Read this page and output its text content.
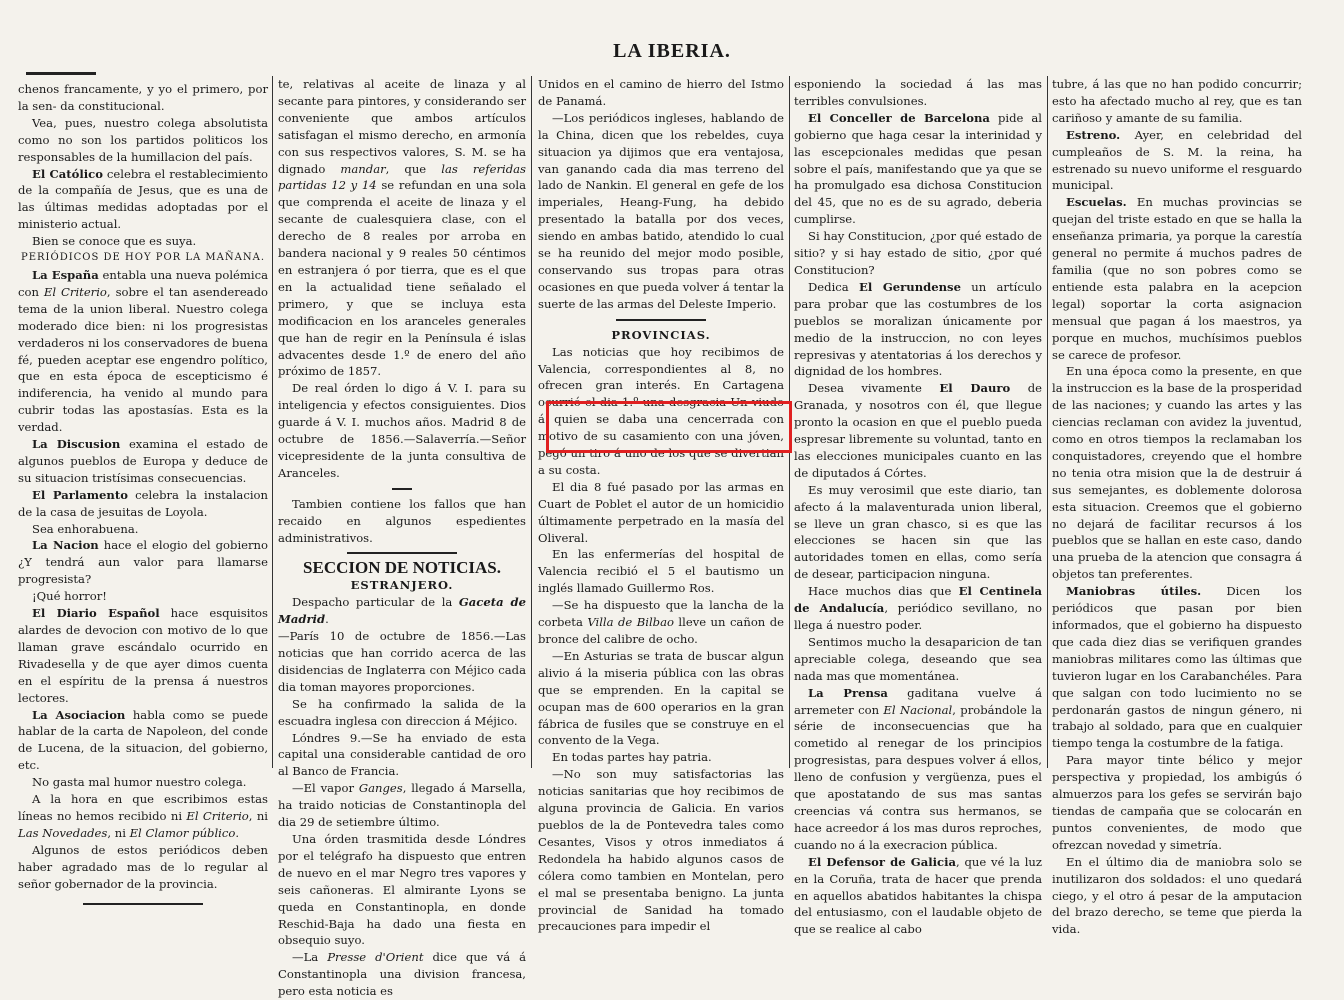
LA IBERIA.

chenos francamente, y yo el primero, por la sen- da constitucional.

Vea, pues, nuestro colega absolutista como no son los partidos politicos los responsables de la humillacion del país.

El Católico celebra el restablecimiento de la compañía de Jesus, que es una de las últimas medidas adoptadas por el ministerio actual.

Bien se conoce que es suya.

PERIÓDICOS DE HOY POR LA MAÑANA.

La España entabla una nueva polémica con El Criterio, sobre el tan asendereado tema de la union liberal. Nuestro colega moderado dice bien: ni los progresistas verdaderos ni los conservadores de buena fé, pueden aceptar ese engendro político, que en esta época de escepticismo é indiferencia, ha venido al mundo para cubrir todas las apostasías. Esta es la verdad.

La Discusion examina el estado de algunos pueblos de Europa y deduce de su situacion tristísimas consecuencias.

El Parlamento celebra la instalacion de la casa de jesuitas de Loyola.

Sea enhorabuena.

La Nacion hace el elogio del gobierno ¿Y tendrá aun valor para llamarse progresista?

¡Qué horror!

El Diario Español hace esquisitos alardes de devocion con motivo de lo que llaman grave escándalo ocurrido en Rivadesella y de que ayer dimos cuenta en el espíritu de la prensa á nuestros lectores.

La Asociacion habla como se puede hablar de la carta de Napoleon, del conde de Lucena, de la situacion, del gobierno, etc.

No gasta mal humor nuestro colega.

A la hora en que escribimos estas líneas no hemos recibido ni El Criterio, ni Las Novedades, ni El Clamor público.

Algunos de estos periódicos deben haber agradado mas de lo regular al señor gobernador de la provincia.

te, relativas al aceite de linaza y al secante para pintores, y considerando ser conveniente que ambos artículos satisfagan el mismo derecho, en armonía con sus respectivos valores, S. M. se ha dignado mandar, que las referidas partidas 12 y 14 se refundan en una sola que comprenda el aceite de linaza y el secante de cualesquiera clase, con el derecho de 8 reales por arroba en bandera nacional y 9 reales 50 céntimos en estranjera ó por tierra, que es el que en la actualidad tiene señalado el primero, y que se incluya esta modificacion en los aranceles generales que han de regir en la Península é islas advacentes desde 1.º de enero del año próximo de 1857.

De real órden lo digo á V. I. para su inteligencia y efectos consiguientes. Dios guarde á V. I. muchos años. Madrid 8 de octubre de 1856.—Salaverría.—Señor vicepresidente de la junta consultiva de Aranceles.

Tambien contiene los fallos que han recaido en algunos espedientes administrativos.

SECCION DE NOTICIAS.

ESTRANJERO.

Despacho particular de la Gaceta de Madrid.

—París 10 de octubre de 1856.—Las noticias que han corrido acerca de las disidencias de Inglaterra con Méjico cada dia toman mayores proporciones.

Se ha confirmado la salida de la escuadra inglesa con direccion á Méjico.

Lóndres 9.—Se ha enviado de esta capital una considerable cantidad de oro al Banco de Francia.

—El vapor Ganges, llegado á Marsella, ha traido noticias de Constantinopla del dia 29 de setiembre último.

Una órden trasmitida desde Lóndres por el telégrafo ha dispuesto que entren de nuevo en el mar Negro tres vapores y seis cañoneras. El almirante Lyons se queda en Constantinopla, en donde Reschid-Baja ha dado una fiesta en obsequio suyo.

—La Presse d'Orient dice que vá á Constantinopla una division francesa, pero esta noticia es

Unidos en el camino de hierro del Istmo de Panamá.

—Los periódicos ingleses, hablando de la China, dicen que los rebeldes, cuya situacion ya dijimos que era ventajosa, van ganando cada dia mas terreno del lado de Nankin. El general en gefe de los imperiales, Heang-Fung, ha debido presentado la batalla por dos veces, siendo en ambas batido, atendido lo cual se ha reunido del mejor modo posible, conservando sus tropas para otras ocasiones en que pueda volver á tentar la suerte de las armas del Deleste Imperio.

PROVINCIAS.

Las noticias que hoy recibimos de Valencia, correspondientes al 8, no ofrecen gran interés. En Cartagena ocurrió el dia 1.º una desgracia Un viudo á quien se daba una cencerrada con motivo de su casamiento con una jóven, pegó un tiro á uno de los que se divertian a su costa.

El dia 8 fué pasado por las armas en Cuart de Poblet el autor de un homicidio últimamente perpetrado en la masía del Oliveral.

En las enfermerías del hospital de Valencia recibió el 5 el bautismo un inglés llamado Guillermo Ros.

—Se ha dispuesto que la lancha de la corbeta Villa de Bilbao lleve un cañon de bronce del calibre de ocho.

—En Asturias se trata de buscar algun alivio á la miseria pública con las obras que se emprenden. En la capital se ocupan mas de 600 operarios en la gran fábrica de fusiles que se construye en el convento de la Vega.

En todas partes hay patria.

—No son muy satisfactorias las noticias sanitarias que hoy recibimos de alguna provincia de Galicia. En varios pueblos de la de Pontevedra tales como Cesantes, Visos y otros inmediatos á Redondela ha habido algunos casos de cólera como tambien en Montelan, pero el mal se presentaba benigno. La junta provincial de Sanidad ha tomado precauciones para impedir el

esponiendo la sociedad á las mas terribles convulsiones.

El Conceller de Barcelona pide al gobierno que haga cesar la interinidad y las escepcionales medidas que pesan sobre el país, manifestando que ya que se ha promulgado esa dichosa Constitucion del 45, que no es de su agrado, deberia cumplirse.

Si hay Constitucion, ¿por qué estado de sitio? y si hay estado de sitio, ¿por qué Constitucion?

Dedica El Gerundense un artículo para probar que las costumbres de los pueblos se moralizan únicamente por medio de la instruccion, no con leyes represivas y atentatorias á los derechos y dignidad de los hombres.

Desea vivamente El Dauro de Granada, y nosotros con él, que llegue pronto la ocasion en que el pueblo pueda espresar libremente su voluntad, tanto en las elecciones municipales cuanto en las de diputados á Córtes.

Es muy verosimil que este diario, tan afecto á la malaventurada union liberal, se lleve un gran chasco, si es que las elecciones se hacen sin que las autoridades tomen en ellas, como sería de desear, participacion ninguna.

Hace muchos dias que El Centinela de Andalucía, periódico sevillano, no llega á nuestro poder.

Sentimos mucho la desaparicion de tan apreciable colega, deseando que sea nada mas que momentánea.

La Prensa gaditana vuelve á arremeter con El Nacional, probándole la série de inconsecuencias que ha cometido al renegar de los principios progresistas, para despues volver á ellos, lleno de confusion y vergüenza, pues el que apostatando de sus mas santas creencias vá contra sus hermanos, se hace acreedor á los mas duros reproches, cuando no á la execracion pública.

El Defensor de Galicia, que vé la luz en la Coruña, trata de hacer que prenda en aquellos abatidos habitantes la chispa del entusiasmo, con el laudable objeto de que se realice al cabo

tubre, á las que no han podido concurrir; esto ha afectado mucho al rey, que es tan cariñoso y amante de su familia.

Estreno. Ayer, en celebridad del cumpleaños de S. M. la reina, ha estrenado su nuevo uniforme el resguardo municipal.

Escuelas. En muchas provincias se quejan del triste estado en que se halla la enseñanza primaria, ya porque la carestía general no permite á muchos padres de familia (que no son pobres como se entiende esta palabra en la acepcion legal) soportar la corta asignacion mensual que pagan á los maestros, ya porque en muchos, muchísimos pueblos se carece de profesor.

En una época como la presente, en que la instruccion es la base de la prosperidad de las naciones; y cuando las artes y las ciencias reclaman con avidez la juventud, como en otros tiempos la reclamaban los conquistadores, creyendo que el hombre no tenia otra mision que la de destruir á sus semejantes, es doblemente dolorosa esta situacion. Creemos que el gobierno no dejará de facilitar recursos á los pueblos que se hallan en este caso, dando una prueba de la atencion que consagra á objetos tan preferentes.

Maniobras útiles. Dicen los periódicos que pasan por bien informados, que el gobierno ha dispuesto que cada diez dias se verifiquen grandes maniobras militares como las últimas que tuvieron lugar en los Carabanchéles. Para que salgan con todo lucimiento no se perdonarán gastos de ningun género, ni trabajo al soldado, para que en cualquier tiempo tenga la costumbre de la fatiga.

Para mayor tinte bélico y mejor perspectiva y propiedad, los ambigús ó almuerzos para los gefes se servirán bajo tiendas de campaña que se colocarán en puntos convenientes, de modo que ofrezcan novedad y simetría.

En el último dia de maniobra solo se inutilizaron dos soldados: el uno quedará ciego, y el otro á pesar de la amputacion del brazo derecho, se teme que pierda la vida.
